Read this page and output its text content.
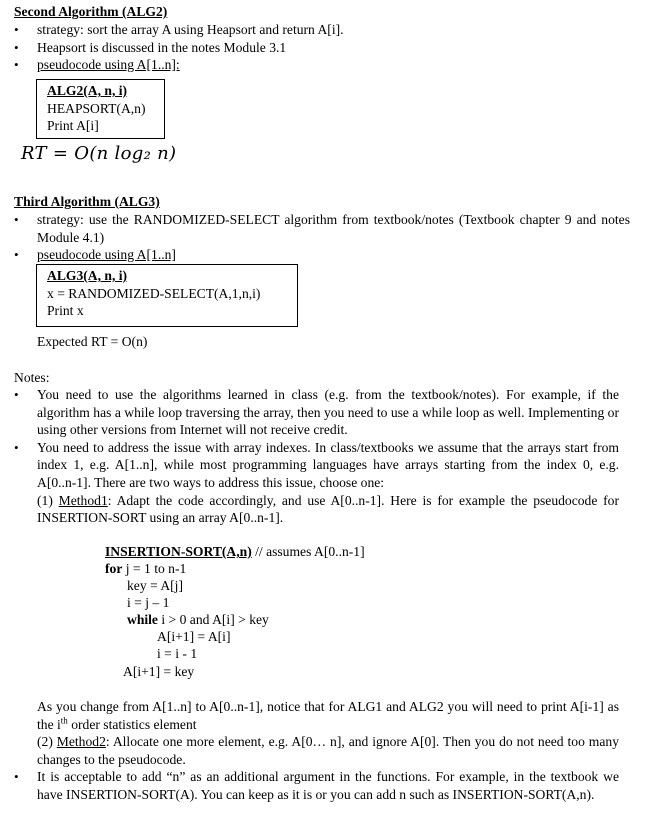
Second Algorithm (ALG2)
• strategy: sort the array A using Heapsort and return A[i].
• Heapsort is discussed in the notes Module 3.1
• pseudocode using A[1..n]:
ALG2(A, n, i)
HEAPSORT(A,n)
Print A[i]
RT = O(n log₂ n)
Third Algorithm (ALG3)
• strategy: use the RANDOMIZED-SELECT algorithm from textbook/notes (Textbook chapter 9 and notes Module 4.1)
• pseudocode using A[1..n]
ALG3(A, n, i)
x = RANDOMIZED-SELECT(A,1,n,i)
Print x
Expected RT = O(n)
Notes:
• You need to use the algorithms learned in class (e.g. from the textbook/notes). For example, if the algorithm has a while loop traversing the array, then you need to use a while loop as well. Implementing or using other versions from Internet will not receive credit.
• You need to address the issue with array indexes. In class/textbooks we assume that the arrays start from index 1, e.g. A[1..n], while most programming languages have arrays starting from the index 0, e.g. A[0..n-1]. There are two ways to address this issue, choose one:
(1) Method1: Adapt the code accordingly, and use A[0..n-1]. Here is for example the pseudocode for INSERTION-SORT using an array A[0..n-1].
INSERTION-SORT(A,n) // assumes A[0..n-1]
for j = 1 to n-1
key = A[j]
i = j – 1
while i > 0 and A[i] > key
A[i+1] = A[i]
i = i - 1
A[i+1] = key
As you change from A[1..n] to A[0..n-1], notice that for ALG1 and ALG2 you will need to print A[i-1] as the $i^{th}$ order statistics element
(2) Method2: Allocate one more element, e.g. A[0… n], and ignore A[0]. Then you do not need too many changes to the pseudocode.
• It is acceptable to add “n” as an additional argument in the functions. For example, in the textbook we have INSERTION-SORT(A). You can keep as it is or you can add n such as INSERTION-SORT(A,n).
